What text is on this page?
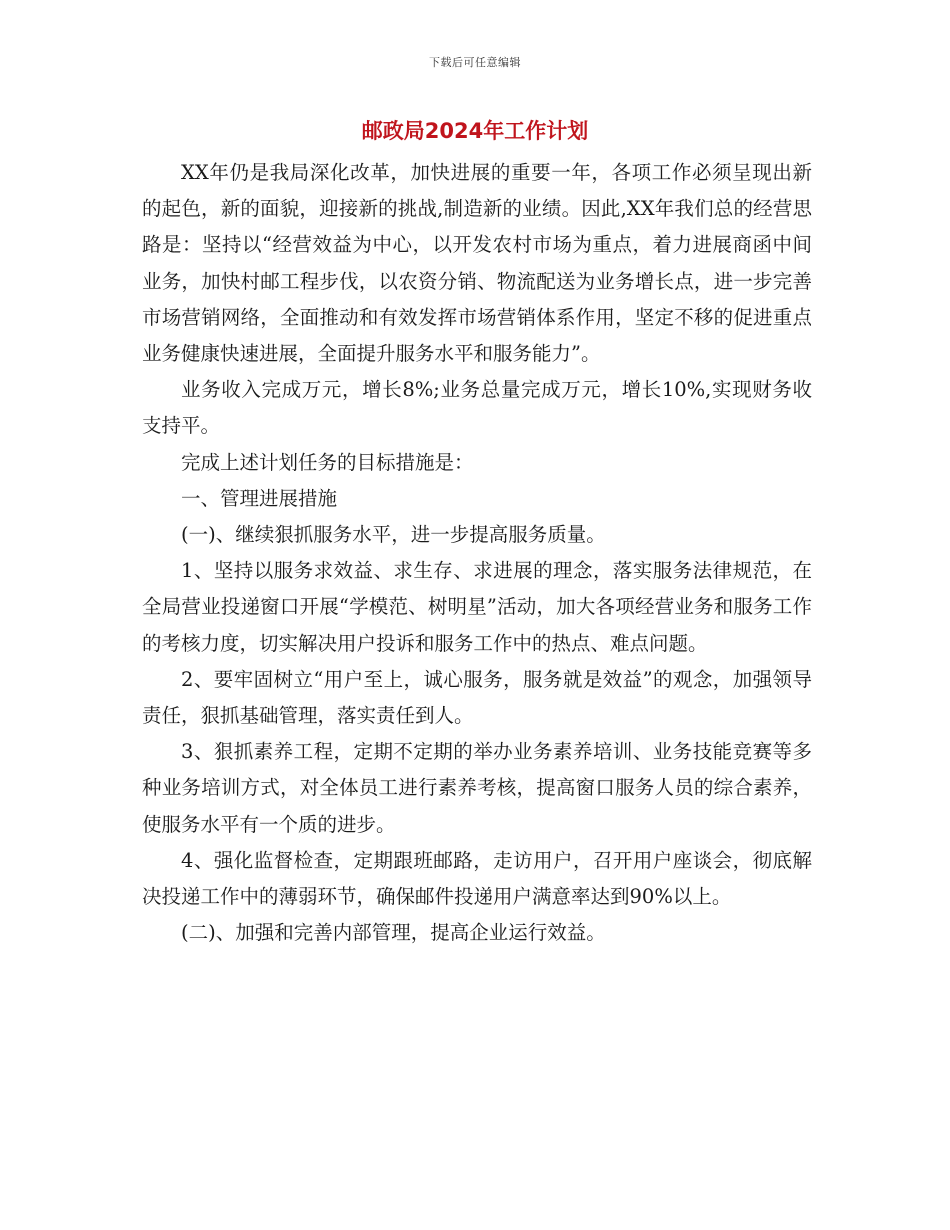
下载后可任意编辑
邮政局2024年工作计划

XX年仍是我局深化改革，加快进展的重要一年，各项工作必须呈现出新的起色，新的面貌，迎接新的挑战,制造新的业绩。因此,XX年我们总的经营思路是：坚持以“经营效益为中心，以开发农村市场为重点，着力进展商函中间业务，加快村邮工程步伐，以农资分销、物流配送为业务增长点，进一步完善市场营销网络，全面推动和有效发挥市场营销体系作用，坚定不移的促进重点业务健康快速进展，全面提升服务水平和服务能力”。

业务收入完成万元，增长8%;业务总量完成万元，增长10%,实现财务收支持平。

完成上述计划任务的目标措施是：

一、管理进展措施

(一)、继续狠抓服务水平，进一步提高服务质量。

1、坚持以服务求效益、求生存、求进展的理念，落实服务法律规范，在全局营业投递窗口开展“学模范、树明星”活动，加大各项经营业务和服务工作的考核力度，切实解决用户投诉和服务工作中的热点、难点问题。

2、要牢固树立“用户至上，诚心服务，服务就是效益”的观念，加强领导责任，狠抓基础管理，落实责任到人。

3、狠抓素养工程，定期不定期的举办业务素养培训、业务技能竞赛等多种业务培训方式，对全体员工进行素养考核，提高窗口服务人员的综合素养，使服务水平有一个质的进步。

4、强化监督检查，定期跟班邮路，走访用户，召开用户座谈会，彻底解决投递工作中的薄弱环节，确保邮件投递用户满意率达到90%以上。

(二)、加强和完善内部管理，提高企业运行效益。
